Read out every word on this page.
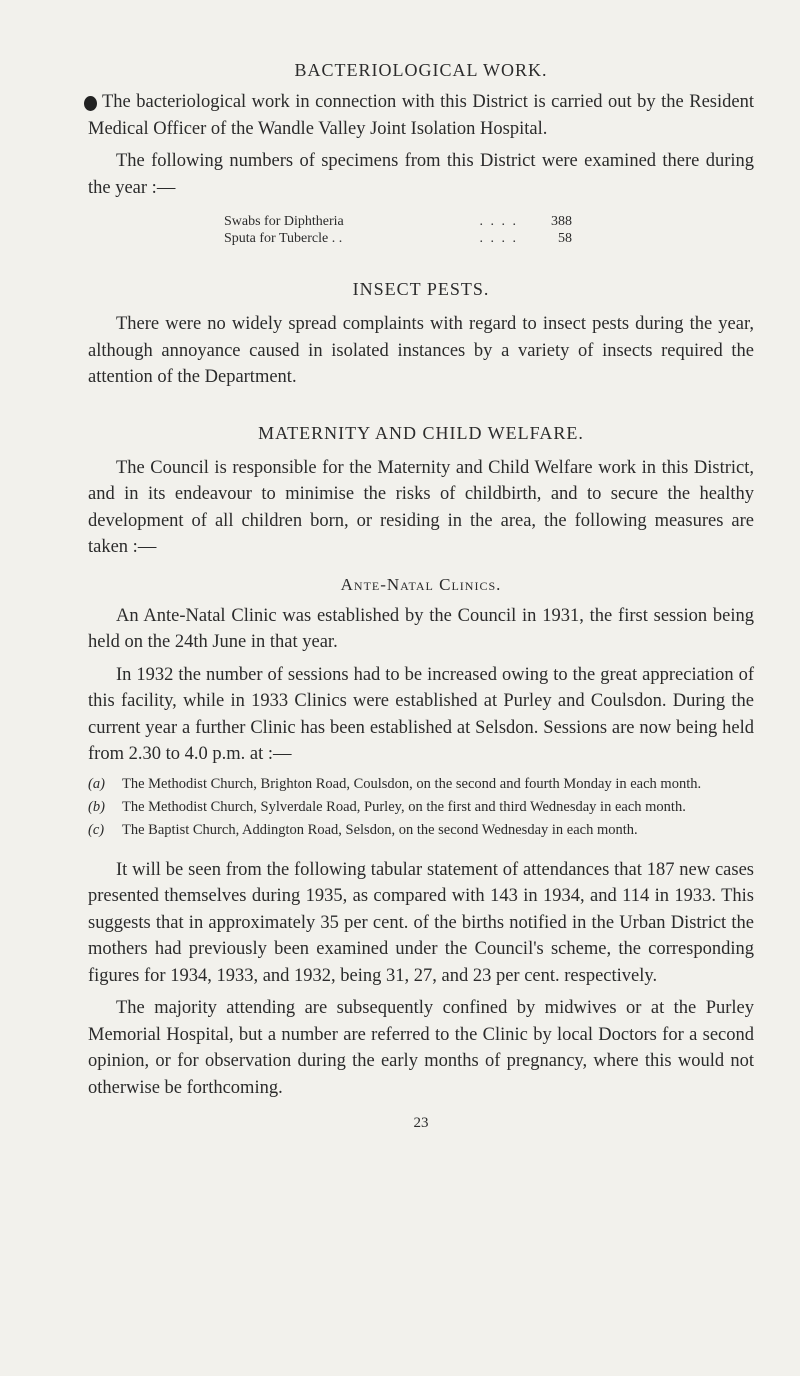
BACTERIOLOGICAL WORK.

The bacteriological work in connection with this District is carried out by the Resident Medical Officer of the Wandle Valley Joint Isolation Hospital.

The following numbers of specimens from this District were examined there during the year :—

Swabs for Diphtheria	. . . .	388
Sputa for Tubercle . .	. . . .	58
INSECT PESTS.

There were no widely spread complaints with regard to insect pests during the year, although annoyance caused in isolated instances by a variety of insects required the attention of the Department.

MATERNITY AND CHILD WELFARE.

The Council is responsible for the Maternity and Child Welfare work in this District, and in its endeavour to minimise the risks of childbirth, and to secure the healthy development of all children born, or residing in the area, the following measures are taken :—

Ante-Natal Clinics.

An Ante-Natal Clinic was established by the Council in 1931, the first session being held on the 24th June in that year.

In 1932 the number of sessions had to be increased owing to the great appreciation of this facility, while in 1933 Clinics were established at Purley and Coulsdon. During the current year a further Clinic has been established at Selsdon. Sessions are now being held from 2.30 to 4.0 p.m. at :—

(a)	The Methodist Church, Brighton Road, Coulsdon, on the second and fourth Monday in each month.
(b)	The Methodist Church, Sylverdale Road, Purley, on the first and third Wednesday in each month.
(c)	The Baptist Church, Addington Road, Selsdon, on the second Wednesday in each month.

It will be seen from the following tabular statement of attendances that 187 new cases presented themselves during 1935, as compared with 143 in 1934, and 114 in 1933. This suggests that in approximately 35 per cent. of the births notified in the Urban District the mothers had previously been examined under the Council's scheme, the corresponding figures for 1934, 1933, and 1932, being 31, 27, and 23 per cent. respectively.

The majority attending are subsequently confined by midwives or at the Purley Memorial Hospital, but a number are referred to the Clinic by local Doctors for a second opinion, or for observation during the early months of pregnancy, where this would not otherwise be forthcoming.

23
